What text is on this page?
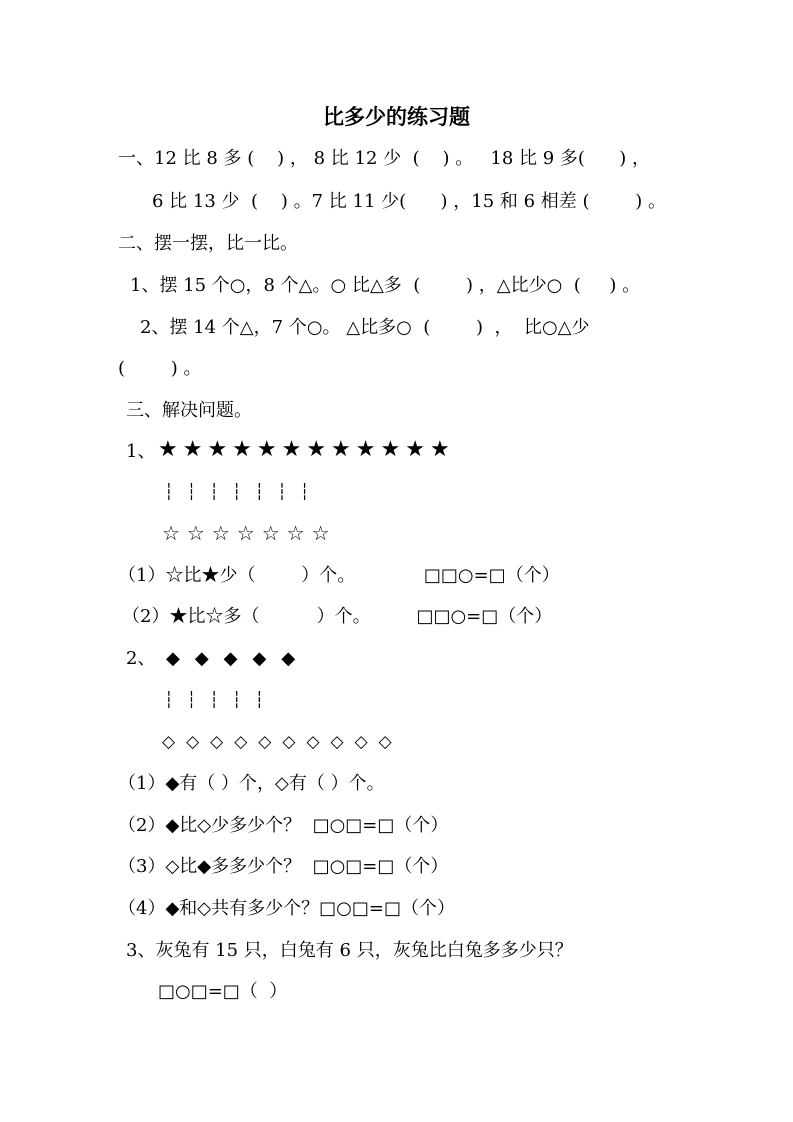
比多少的练习题
一、12 比 8 多 (    ) ， 8 比 12 少  (    ) 。   18 比 9 多(      ) ，
6 比 13 少  (    ) 。7 比 11 少(      ) ，15 和 6 相差 (        ) 。
二、摆一摆，比一比。
1、摆 15 个○，8 个△。○ 比△多  (        ) ，△比少○  (     ) 。
2、摆 14 个△，7 个○。 △比多○  (        )  ，  比○△少
(        ) 。
三、解决问题。
1、 ★★★★★★★★★★★★
┆┆┆┆┆┆┆
☆☆☆☆☆☆☆
（1）☆比★少（        ）个。            □□○=□（个）
（2）★比☆多（          ）个。        □□○=□（个）
2、 ◆◆◆◆◆
┆┆┆┆┆
◇◇◇◇◇◇◇◇◇◇
（1）◆有（ ）个，◇有（ ）个。
（2）◆比◇少多少个？  □○□=□（个）
（3）◇比◆多多少个？  □○□=□（个）
（4）◆和◇共有多少个？□○□=□（个）
3、灰兔有 15 只，白兔有 6 只，灰兔比白兔多多少只？
□○□=□（  ）
